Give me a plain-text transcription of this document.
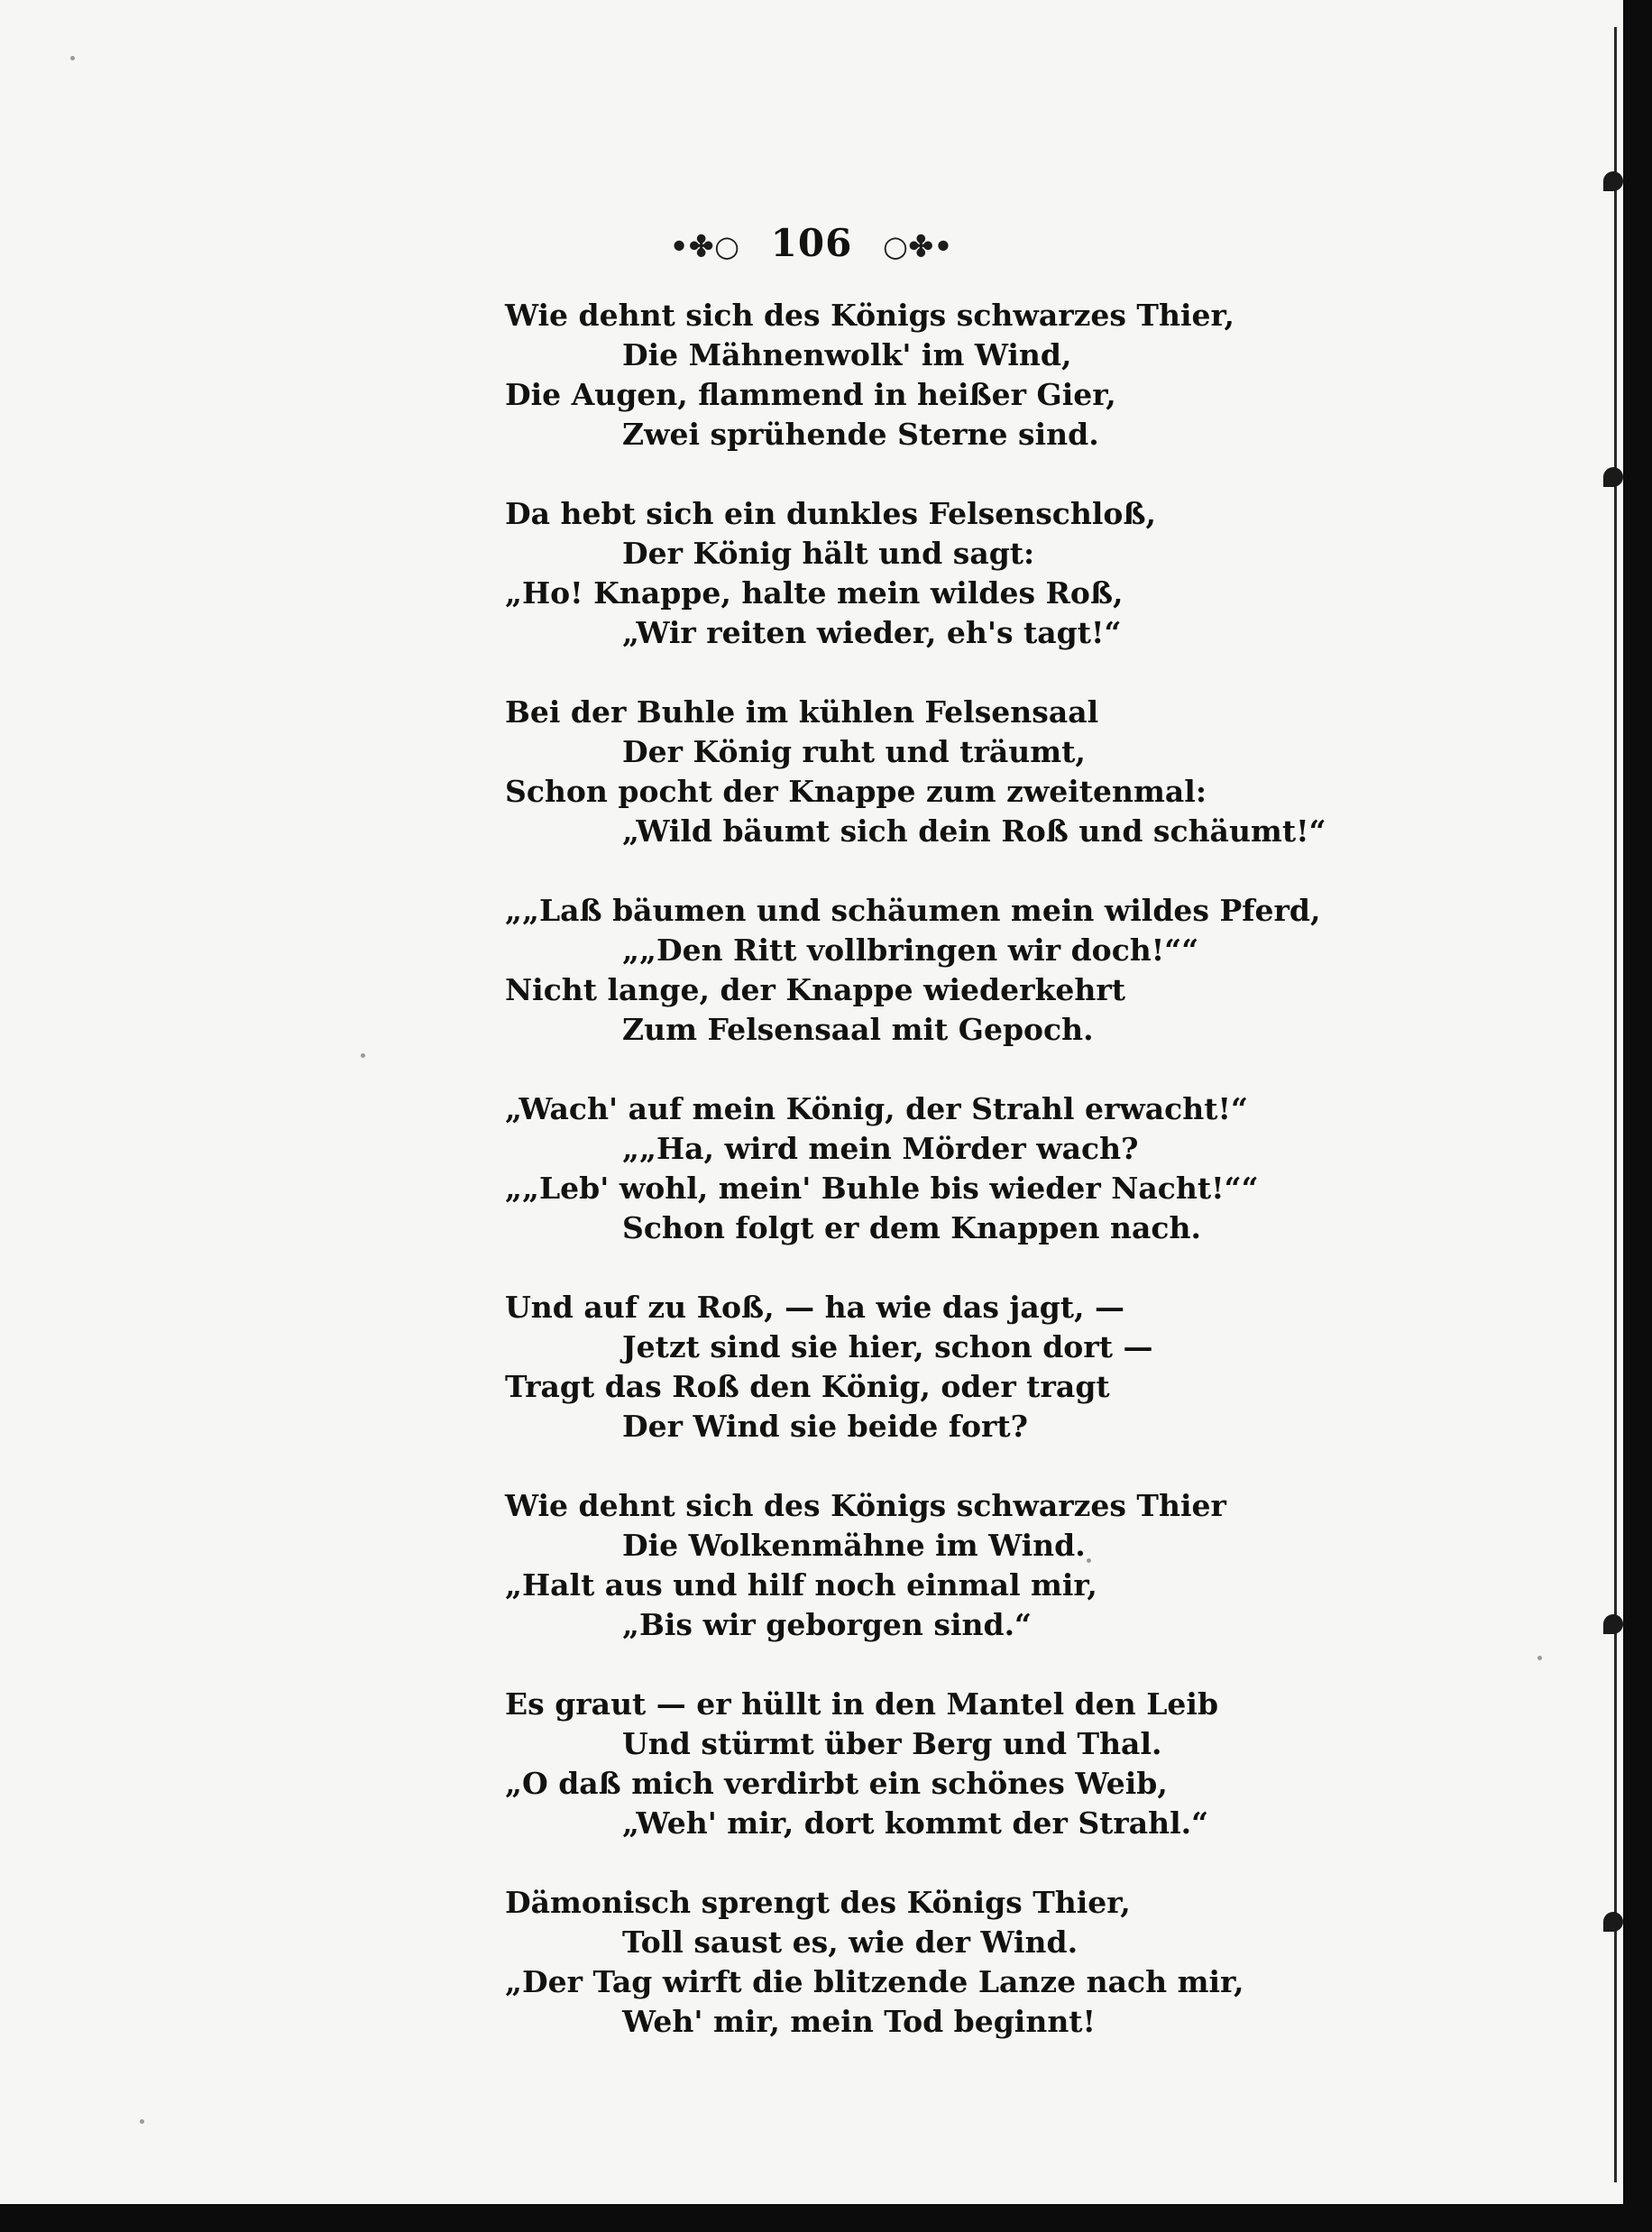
•✤○ 106 ○✤•
Wie dehnt sich des Königs schwarzes Thier,
Die Mähnenwolk' im Wind,
Die Augen, flammend in heißer Gier,
Zwei sprühende Sterne sind.
Da hebt sich ein dunkles Felsenschloß,
Der König hält und sagt:
„Ho! Knappe, halte mein wildes Roß,
„Wir reiten wieder, eh's tagt!“
Bei der Buhle im kühlen Felsensaal
Der König ruht und träumt,
Schon pocht der Knappe zum zweitenmal:
„Wild bäumt sich dein Roß und schäumt!“
„„Laß bäumen und schäumen mein wildes Pferd,
„„Den Ritt vollbringen wir doch!““
Nicht lange, der Knappe wiederkehrt
Zum Felsensaal mit Gepoch.
„Wach' auf mein König, der Strahl erwacht!“
„„Ha, wird mein Mörder wach?
„„Leb' wohl, mein' Buhle bis wieder Nacht!““
Schon folgt er dem Knappen nach.
Und auf zu Roß, — ha wie das jagt, —
Jetzt sind sie hier, schon dort —
Tragt das Roß den König, oder tragt
Der Wind sie beide fort?
Wie dehnt sich des Königs schwarzes Thier
Die Wolkenmähne im Wind.
„Halt aus und hilf noch einmal mir,
„Bis wir geborgen sind.“
Es graut — er hüllt in den Mantel den Leib
Und stürmt über Berg und Thal.
„O daß mich verdirbt ein schönes Weib,
„Weh' mir, dort kommt der Strahl.“
Dämonisch sprengt des Königs Thier,
Toll saust es, wie der Wind.
„Der Tag wirft die blitzende Lanze nach mir,
Weh' mir, mein Tod beginnt!
